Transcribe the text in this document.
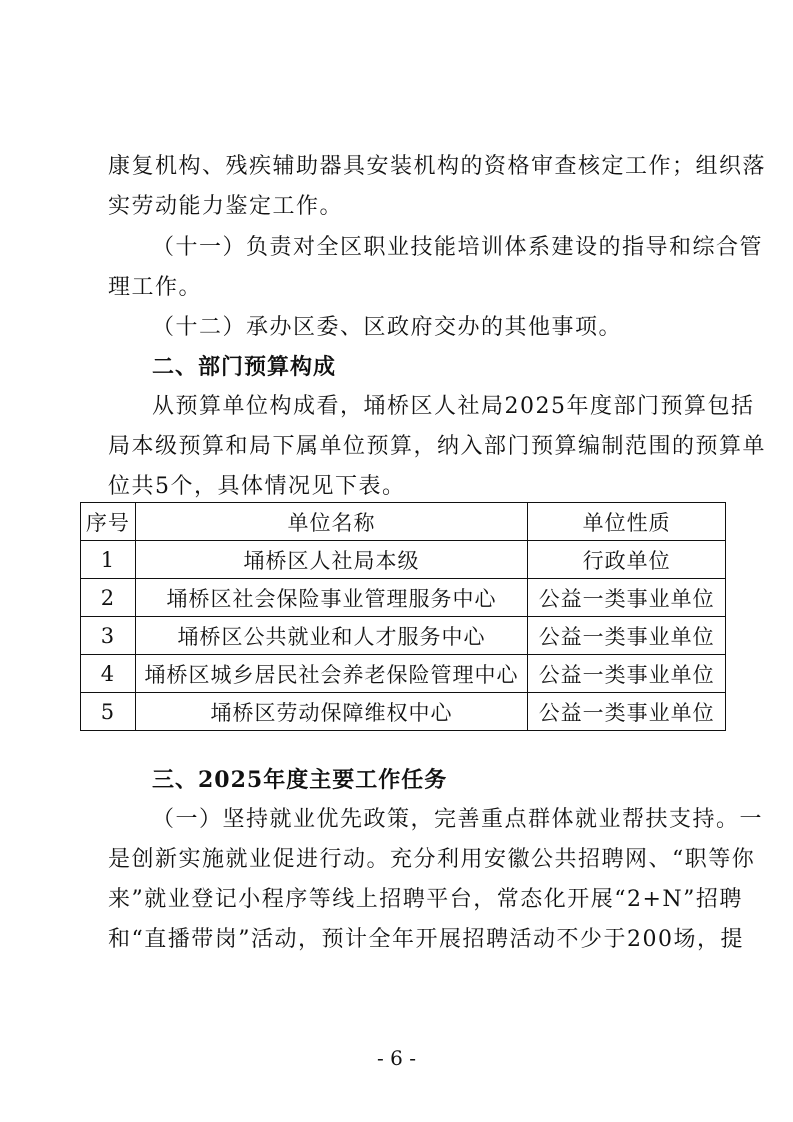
康复机构、残疾辅助器具安装机构的资格审查核定工作；组织落
实劳动能力鉴定工作。
（十一）负责对全区职业技能培训体系建设的指导和综合管
理工作。
（十二）承办区委、区政府交办的其他事项。
二、部门预算构成
从预算单位构成看，埇桥区人社局2025年度部门预算包括
局本级预算和局下属单位预算，纳入部门预算编制范围的预算单
位共5个，具体情况见下表。
序号	单位名称	单位性质
1	埇桥区人社局本级	行政单位
2	埇桥区社会保险事业管理服务中心	公益一类事业单位
3	埇桥区公共就业和人才服务中心	公益一类事业单位
4	埇桥区城乡居民社会养老保险管理中心	公益一类事业单位
5	埇桥区劳动保障维权中心	公益一类事业单位
三、2025年度主要工作任务
（一）坚持就业优先政策，完善重点群体就业帮扶支持。一
是创新实施就业促进行动。充分利用安徽公共招聘网、“职等你
来”就业登记小程序等线上招聘平台，常态化开展“2+N”招聘
和“直播带岗”活动，预计全年开展招聘活动不少于200场，提
- 6 -
